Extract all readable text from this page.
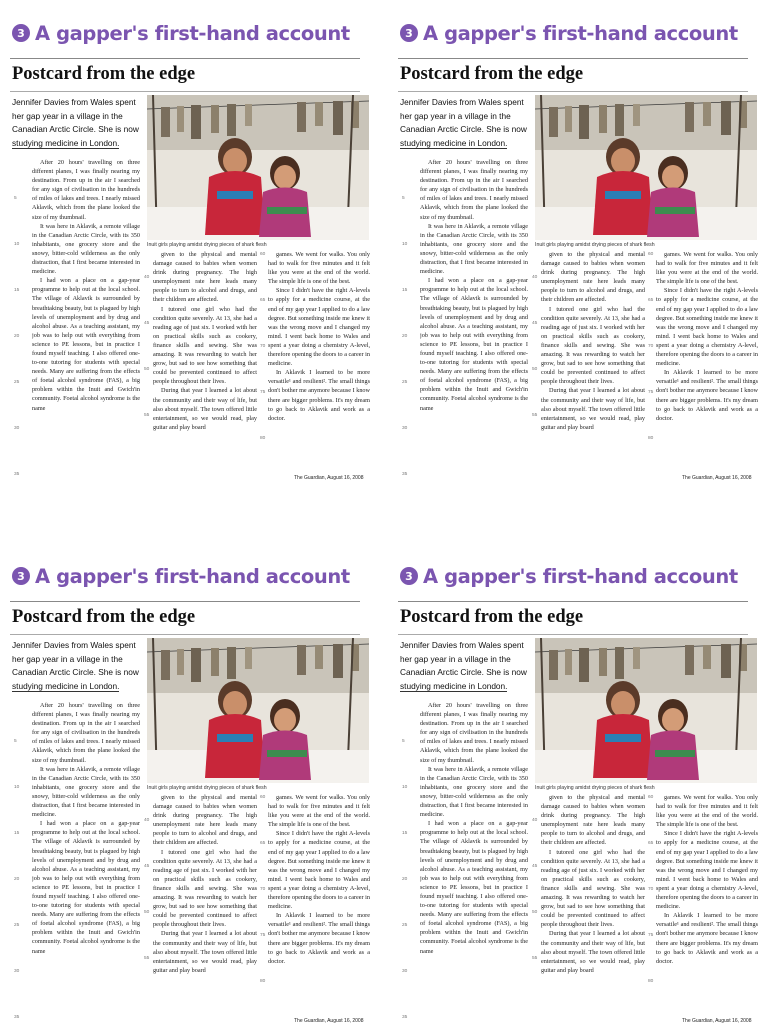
3 A gapper's first-hand account
Postcard from the edge
Jennifer Davies from Wales spent her gap year in a village in the Canadian Arctic Circle. She is now studying medicine in London.
Inuit girls playing amidst drying pieces of shark flesh
5
10
15
20
25
30
35
40
45
50
55
60
65
70
75
80

After 20 hours' travelling on three different planes, I was finally nearing my destination. From up in the air I searched for any sign of civilisation in the hundreds of miles of lakes and trees. I nearly missed Aklavik, which from the plane looked the size of my thumbnail.

It was here in Aklavik, a remote village in the Canadian Arctic Circle, with its 350 inhabitants, one grocery store and the snowy, bitter-cold wilderness as the only distraction, that I first became interested in medicine.

I had won a place on a gap-year programme to help out at the local school. The village of Aklavik is surrounded by breathtaking beauty, but is plagued by high levels of unemployment and by drug and alcohol abuse. As a teaching assistant, my job was to help out with everything from science to PE lessons, but in practice I found myself teaching. I also offered one-to-one tutoring for students with special needs. Many are suffering from the effects of foetal alcohol syndrome (FAS), a big problem within the Inuit and Gwich'in community. Foetal alcohol syndrome is the name

given to the physical and mental damage caused to babies when women drink during pregnancy. The high unemployment rate here leads many people to turn to alcohol and drugs, and their children are affected.

I tutored one girl who had the condition quite severely. At 13, she had a reading age of just six. I worked with her on practical skills such as cookery, finance skills and sewing. She was amazing. It was rewarding to watch her grow, but sad to see how something that could be prevented continued to affect people throughout their lives.

During that year I learned a lot about the community and their way of life, but also about myself. The town offered little entertainment, so we would read, play guitar and play board

games. We went for walks. You only had to walk for five minutes and it felt like you were at the end of the world. The simple life is one of the best.

Since I didn't have the right A-levels to apply for a medicine course, at the end of my gap year I applied to do a law degree. But something inside me knew it was the wrong move and I changed my mind. I went back home to Wales and spent a year doing a chemistry A-level, therefore opening the doors to a career in medicine.

In Aklavik I learned to be more versatile¹ and resilient². The small things don't bother me anymore because I know there are bigger problems. It's my dream to go back to Aklavik and work as a doctor.

The Guardian, August 16, 2008
3 A gapper's first-hand account
Postcard from the edge
Jennifer Davies from Wales spent her gap year in a village in the Canadian Arctic Circle. She is now studying medicine in London.
Inuit girls playing amidst drying pieces of shark flesh
5
10
15
20
25
30
35
40
45
50
55
60
65
70
75
80

After 20 hours' travelling on three different planes, I was finally nearing my destination. From up in the air I searched for any sign of civilisation in the hundreds of miles of lakes and trees. I nearly missed Aklavik, which from the plane looked the size of my thumbnail.

It was here in Aklavik, a remote village in the Canadian Arctic Circle, with its 350 inhabitants, one grocery store and the snowy, bitter-cold wilderness as the only distraction, that I first became interested in medicine.

I had won a place on a gap-year programme to help out at the local school. The village of Aklavik is surrounded by breathtaking beauty, but is plagued by high levels of unemployment and by drug and alcohol abuse. As a teaching assistant, my job was to help out with everything from science to PE lessons, but in practice I found myself teaching. I also offered one-to-one tutoring for students with special needs. Many are suffering from the effects of foetal alcohol syndrome (FAS), a big problem within the Inuit and Gwich'in community. Foetal alcohol syndrome is the name

given to the physical and mental damage caused to babies when women drink during pregnancy. The high unemployment rate here leads many people to turn to alcohol and drugs, and their children are affected.

I tutored one girl who had the condition quite severely. At 13, she had a reading age of just six. I worked with her on practical skills such as cookery, finance skills and sewing. She was amazing. It was rewarding to watch her grow, but sad to see how something that could be prevented continued to affect people throughout their lives.

During that year I learned a lot about the community and their way of life, but also about myself. The town offered little entertainment, so we would read, play guitar and play board

games. We went for walks. You only had to walk for five minutes and it felt like you were at the end of the world. The simple life is one of the best.

Since I didn't have the right A-levels to apply for a medicine course, at the end of my gap year I applied to do a law degree. But something inside me knew it was the wrong move and I changed my mind. I went back home to Wales and spent a year doing a chemistry A-level, therefore opening the doors to a career in medicine.

In Aklavik I learned to be more versatile¹ and resilient². The small things don't bother me anymore because I know there are bigger problems. It's my dream to go back to Aklavik and work as a doctor.

The Guardian, August 16, 2008
3 A gapper's first-hand account
Postcard from the edge
Jennifer Davies from Wales spent her gap year in a village in the Canadian Arctic Circle. She is now studying medicine in London.
Inuit girls playing amidst drying pieces of shark flesh
5
10
15
20
25
30
35
40
45
50
55
60
65
70
75
80

After 20 hours' travelling on three different planes, I was finally nearing my destination. From up in the air I searched for any sign of civilisation in the hundreds of miles of lakes and trees. I nearly missed Aklavik, which from the plane looked the size of my thumbnail.

It was here in Aklavik, a remote village in the Canadian Arctic Circle, with its 350 inhabitants, one grocery store and the snowy, bitter-cold wilderness as the only distraction, that I first became interested in medicine.

I had won a place on a gap-year programme to help out at the local school. The village of Aklavik is surrounded by breathtaking beauty, but is plagued by high levels of unemployment and by drug and alcohol abuse. As a teaching assistant, my job was to help out with everything from science to PE lessons, but in practice I found myself teaching. I also offered one-to-one tutoring for students with special needs. Many are suffering from the effects of foetal alcohol syndrome (FAS), a big problem within the Inuit and Gwich'in community. Foetal alcohol syndrome is the name

given to the physical and mental damage caused to babies when women drink during pregnancy. The high unemployment rate here leads many people to turn to alcohol and drugs, and their children are affected.

I tutored one girl who had the condition quite severely. At 13, she had a reading age of just six. I worked with her on practical skills such as cookery, finance skills and sewing. She was amazing. It was rewarding to watch her grow, but sad to see how something that could be prevented continued to affect people throughout their lives.

During that year I learned a lot about the community and their way of life, but also about myself. The town offered little entertainment, so we would read, play guitar and play board

games. We went for walks. You only had to walk for five minutes and it felt like you were at the end of the world. The simple life is one of the best.

Since I didn't have the right A-levels to apply for a medicine course, at the end of my gap year I applied to do a law degree. But something inside me knew it was the wrong move and I changed my mind. I went back home to Wales and spent a year doing a chemistry A-level, therefore opening the doors to a career in medicine.

In Aklavik I learned to be more versatile¹ and resilient². The small things don't bother me anymore because I know there are bigger problems. It's my dream to go back to Aklavik and work as a doctor.

The Guardian, August 16, 2008
3 A gapper's first-hand account
Postcard from the edge
Jennifer Davies from Wales spent her gap year in a village in the Canadian Arctic Circle. She is now studying medicine in London.
Inuit girls playing amidst drying pieces of shark flesh
5
10
15
20
25
30
35
40
45
50
55
60
65
70
75
80

After 20 hours' travelling on three different planes, I was finally nearing my destination. From up in the air I searched for any sign of civilisation in the hundreds of miles of lakes and trees. I nearly missed Aklavik, which from the plane looked the size of my thumbnail.

It was here in Aklavik, a remote village in the Canadian Arctic Circle, with its 350 inhabitants, one grocery store and the snowy, bitter-cold wilderness as the only distraction, that I first became interested in medicine.

I had won a place on a gap-year programme to help out at the local school. The village of Aklavik is surrounded by breathtaking beauty, but is plagued by high levels of unemployment and by drug and alcohol abuse. As a teaching assistant, my job was to help out with everything from science to PE lessons, but in practice I found myself teaching. I also offered one-to-one tutoring for students with special needs. Many are suffering from the effects of foetal alcohol syndrome (FAS), a big problem within the Inuit and Gwich'in community. Foetal alcohol syndrome is the name

given to the physical and mental damage caused to babies when women drink during pregnancy. The high unemployment rate here leads many people to turn to alcohol and drugs, and their children are affected.

I tutored one girl who had the condition quite severely. At 13, she had a reading age of just six. I worked with her on practical skills such as cookery, finance skills and sewing. She was amazing. It was rewarding to watch her grow, but sad to see how something that could be prevented continued to affect people throughout their lives.

During that year I learned a lot about the community and their way of life, but also about myself. The town offered little entertainment, so we would read, play guitar and play board

games. We went for walks. You only had to walk for five minutes and it felt like you were at the end of the world. The simple life is one of the best.

Since I didn't have the right A-levels to apply for a medicine course, at the end of my gap year I applied to do a law degree. But something inside me knew it was the wrong move and I changed my mind. I went back home to Wales and spent a year doing a chemistry A-level, therefore opening the doors to a career in medicine.

In Aklavik I learned to be more versatile¹ and resilient². The small things don't bother me anymore because I know there are bigger problems. It's my dream to go back to Aklavik and work as a doctor.

The Guardian, August 16, 2008
